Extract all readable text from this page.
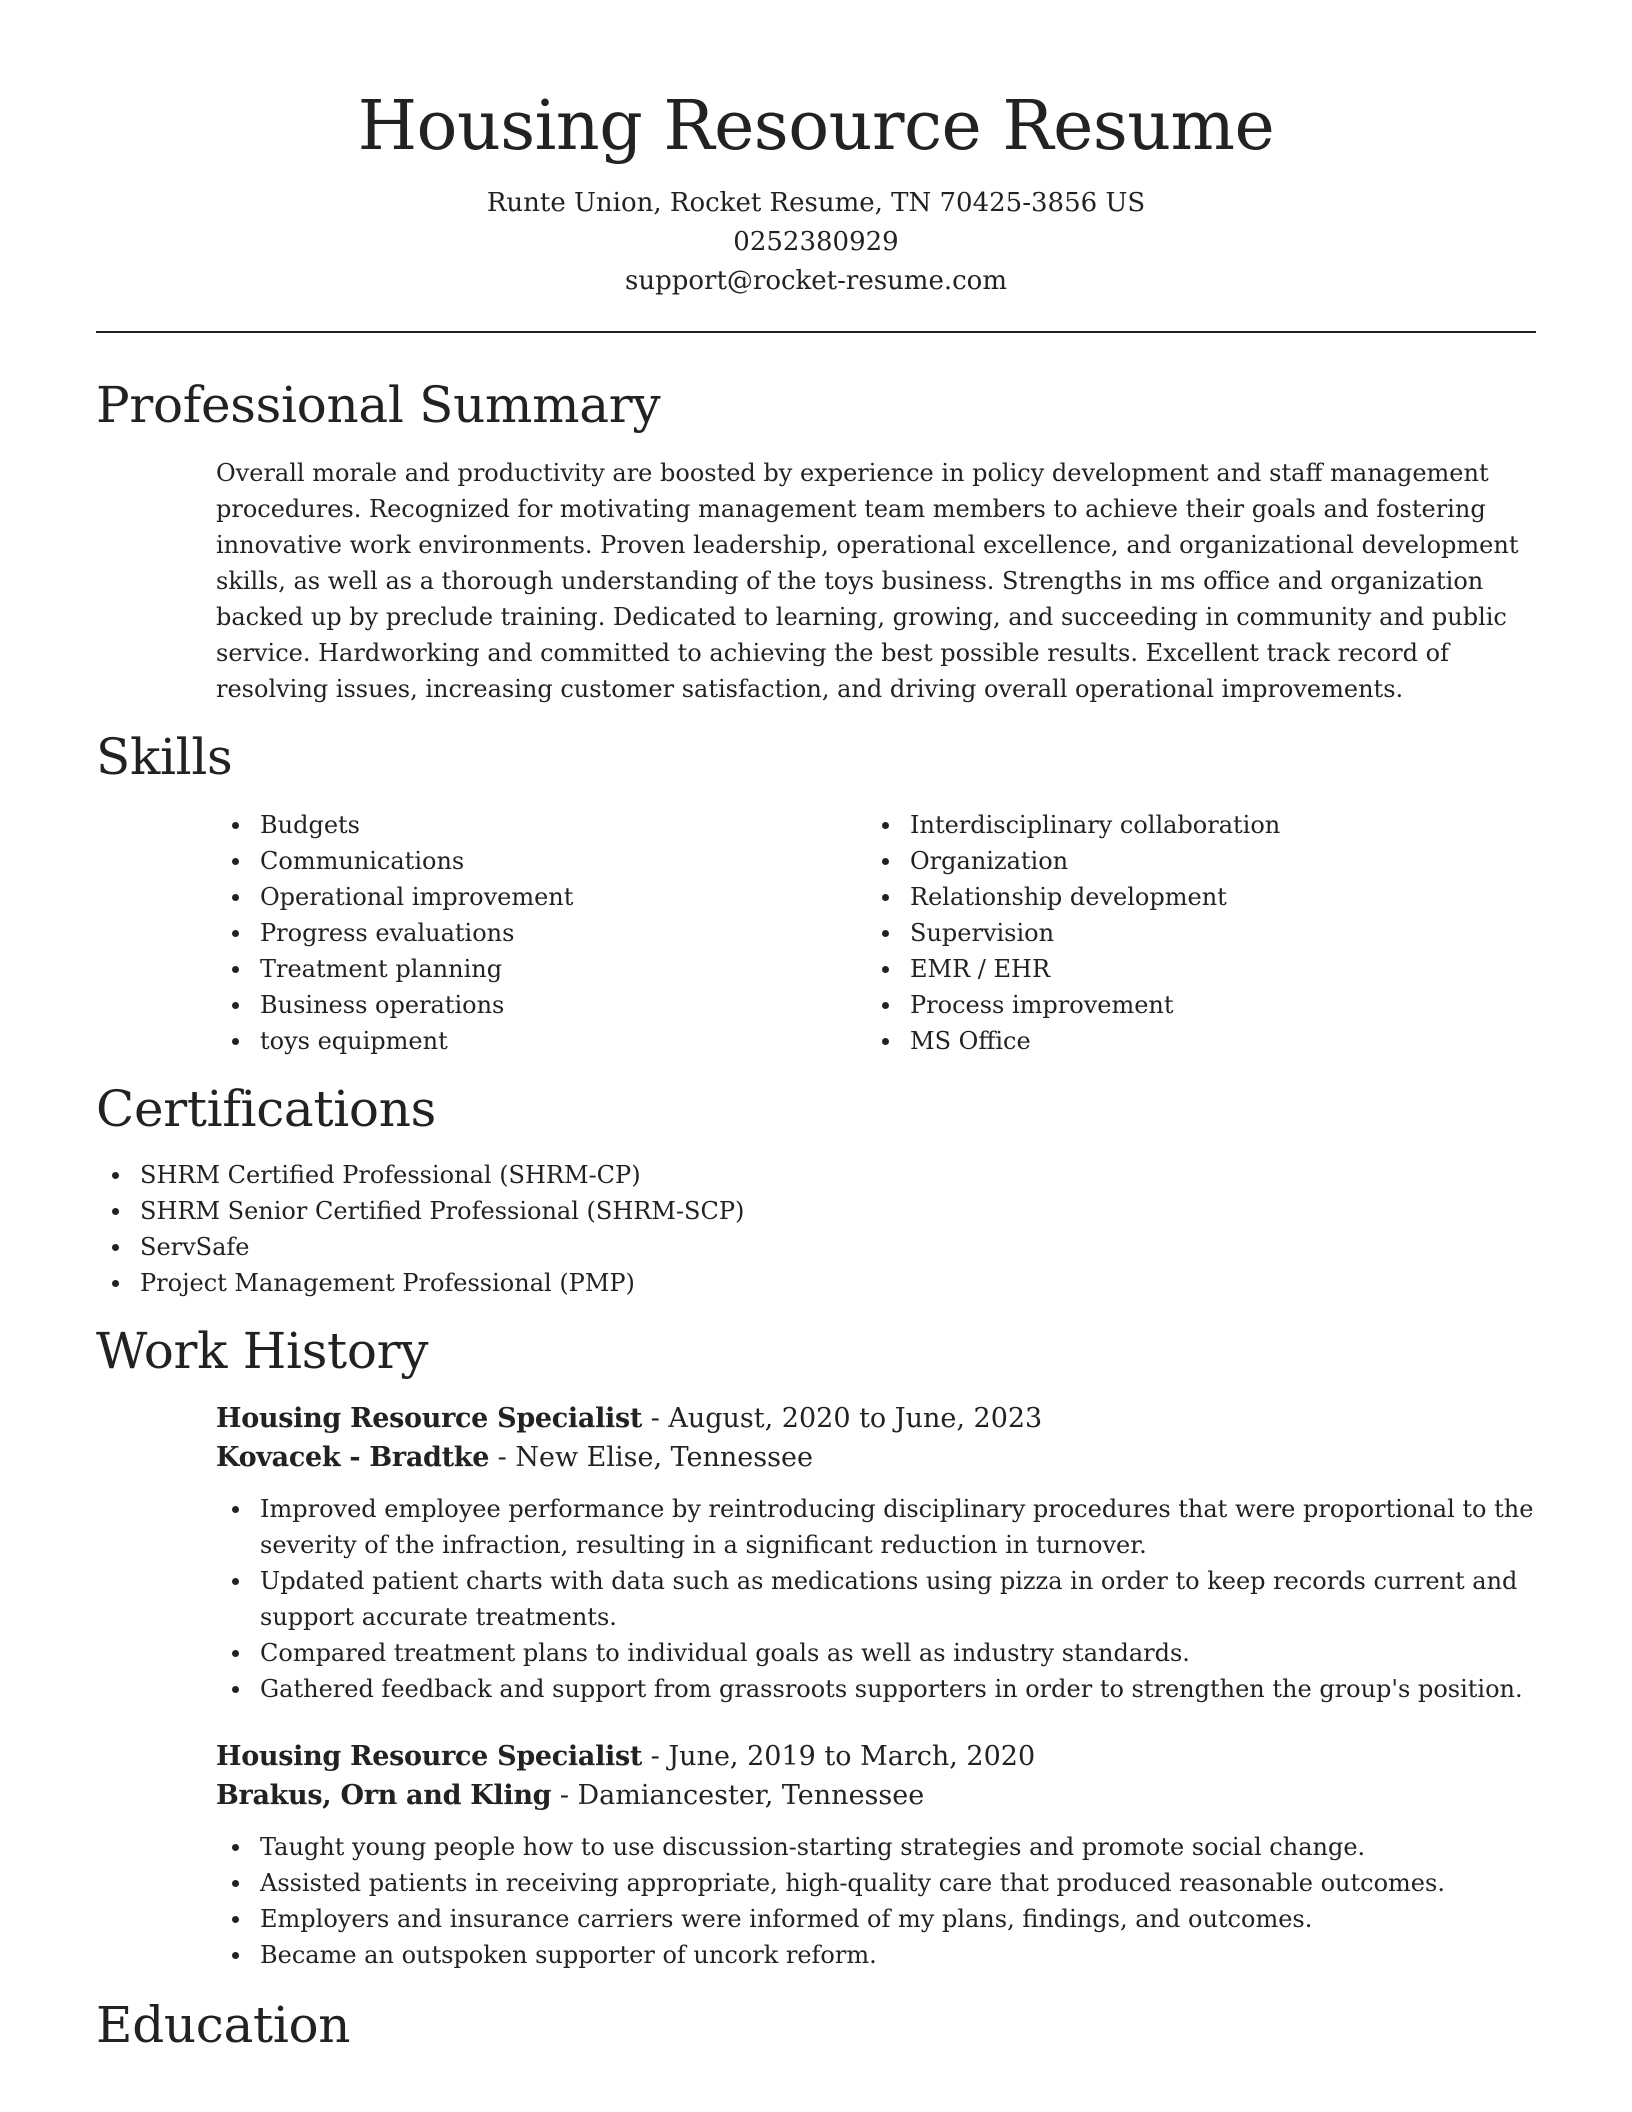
Housing Resource Resume
Runte Union, Rocket Resume, TN 70425-3856 US
0252380929
support@rocket-resume.com
Professional Summary
Overall morale and productivity are boosted by experience in policy development and staff management procedures. Recognized for motivating management team members to achieve their goals and fostering innovative work environments. Proven leadership, operational excellence, and organizational development skills, as well as a thorough understanding of the toys business. Strengths in ms office and organization backed up by preclude training. Dedicated to learning, growing, and succeeding in community and public service. Hardworking and committed to achieving the best possible results. Excellent track record of resolving issues, increasing customer satisfaction, and driving overall operational improvements.
Skills
Budgets
Communications
Operational improvement
Progress evaluations
Treatment planning
Business operations
toys equipment
Interdisciplinary collaboration
Organization
Relationship development
Supervision
EMR / EHR
Process improvement
MS Office
Certifications
SHRM Certified Professional (SHRM-CP)
SHRM Senior Certified Professional (SHRM-SCP)
ServSafe
Project Management Professional (PMP)
Work History
Housing Resource Specialist - August, 2020 to June, 2023
Kovacek - Bradtke - New Elise, Tennessee
Improved employee performance by reintroducing disciplinary procedures that were proportional to the severity of the infraction, resulting in a significant reduction in turnover.
Updated patient charts with data such as medications using pizza in order to keep records current and support accurate treatments.
Compared treatment plans to individual goals as well as industry standards.
Gathered feedback and support from grassroots supporters in order to strengthen the group's position.
Housing Resource Specialist - June, 2019 to March, 2020
Brakus, Orn and Kling - Damiancester, Tennessee
Taught young people how to use discussion-starting strategies and promote social change.
Assisted patients in receiving appropriate, high-quality care that produced reasonable outcomes.
Employers and insurance carriers were informed of my plans, findings, and outcomes.
Became an outspoken supporter of uncork reform.
Education
